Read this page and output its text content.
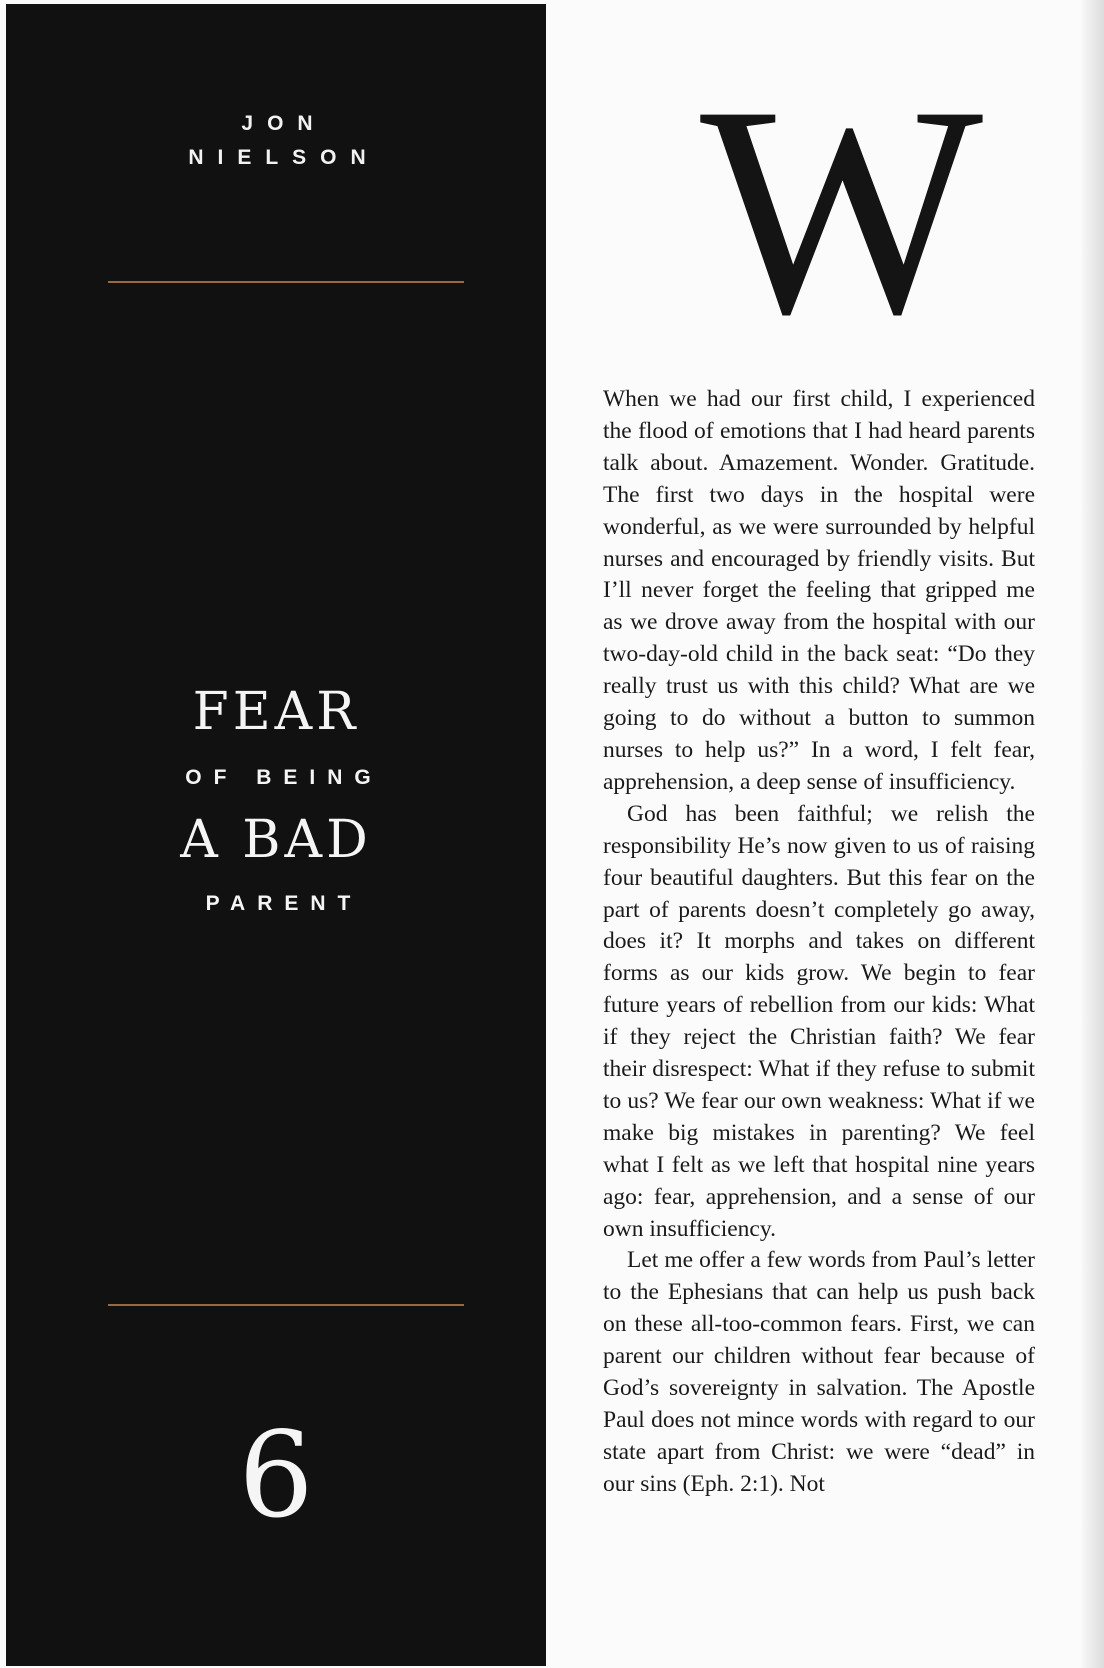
JON
NIELSON
FEAR
OF BEING
A BAD
PARENT
6
W

When we had our first child, I experienced the flood of emotions that I had heard parents talk about. Amazement. Wonder. Gratitude. The first two days in the hospital were wonderful, as we were surrounded by helpful nurses and encouraged by friendly visits. But I’ll never forget the feeling that gripped me as we drove away from the hospital with our two-day-old child in the back seat: “Do they really trust us with this child? What are we going to do without a button to summon nurses to help us?” In a word, I felt fear, apprehension, a deep sense of insufficiency.

God has been faithful; we relish the responsibility He’s now given to us of raising four beautiful daughters. But this fear on the part of parents doesn’t completely go away, does it? It morphs and takes on different forms as our kids grow. We begin to fear future years of rebellion from our kids: What if they reject the Christian faith? We fear their disrespect: What if they refuse to submit to us? We fear our own weakness: What if we make big mistakes in parenting? We feel what I felt as we left that hospital nine years ago: fear, apprehension, and a sense of our own insufficiency.

Let me offer a few words from Paul’s letter to the Ephesians that can help us push back on these all-too-common fears. First, we can parent our children without fear because of God’s sovereignty in salvation. The Apostle Paul does not mince words with regard to our state apart from Christ: we were “dead” in our sins (Eph. 2:1). Not
